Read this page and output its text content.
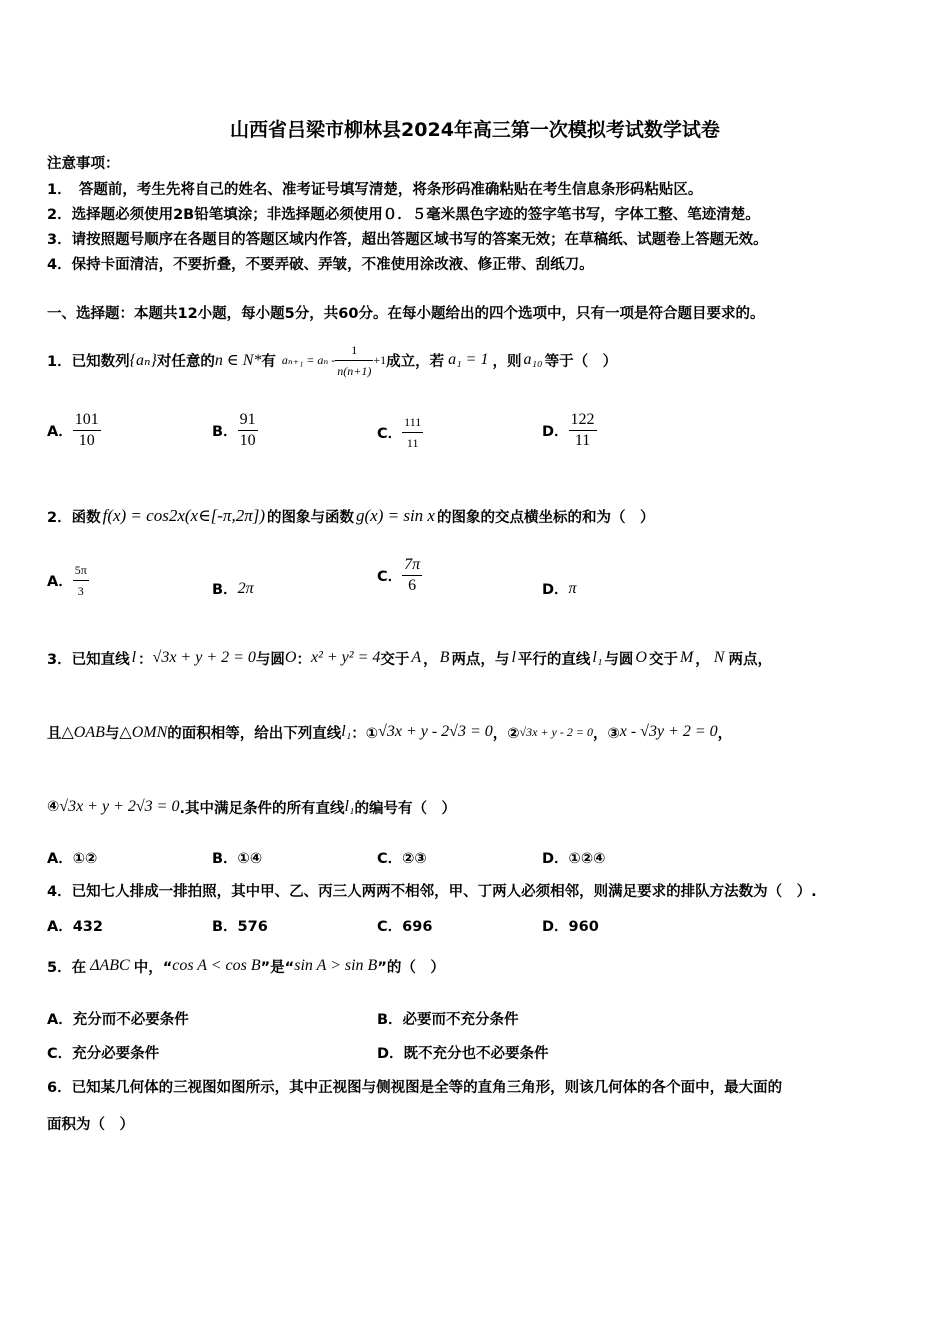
山西省吕梁市柳林县2024年高三第一次模拟考试数学试卷
注意事项：
1．　答题前，考生先将自己的姓名、准考证号填写清楚，将条形码准确粘贴在考生信息条形码粘贴区。
2．选择题必须使用2B铅笔填涂；非选择题必须使用０．５毫米黑色字迹的签字笔书写，字体工整、笔迹清楚。
3．请按照题号顺序在各题目的答题区域内作答，超出答题区域书写的答案无效；在草稿纸、试题卷上答题无效。
4．保持卡面清洁，不要折叠，不要弄破、弄皱，不准使用涂改液、修正带、刮纸刀。
一、选择题：本题共12小题，每小题5分，共60分。在每小题给出的四个选项中，只有一项是符合题目要求的。
1．已知数列 {aₙ} 对任意的 n ∈ N* 有 $a_{n+1} = a_n - \frac{1}{n(n+1)} +1$ 成立，若 a₁ = 1 ，则 a₁₀ 等于（　）
A． $\frac{101}{10}$	B． $\frac{91}{10}$	C． $\frac{111}{11}$	D． $\frac{122}{11}$
2．函数 f(x) = cos2x(x∈[-π,2π]) 的图象与函数 g(x) = sin x 的图象的交点横坐标的和为（　）
A． $\frac{5\pi}{3}$	B． 2π
C． $\frac{7\pi}{6}$	D． π
3．已知直线 l ： √3x + y + 2 = 0 与圆 O ： x² + y² = 4 交于 A ， B 两点，与 l 平行的直线 l₁ 与圆 O 交于 M ， N 两点，
且 △OAB 与 △OMN 的面积相等，给出下列直线 l₁ ：① √3x + y - 2√3 = 0 ，② √3x + y - 2 = 0 ，③ x - √3y + 2 = 0 ，
④ √3x + y + 2√3 = 0 .其中满足条件的所有直线 l₁ 的编号有（　）
A．①②	B．①④	C．②③	D．①②④
4．已知七人排成一排拍照，其中甲、乙、丙三人两两不相邻，甲、丁两人必须相邻，则满足要求的排队方法数为（　）.
A．432	B．576	C．696	D．960
5．在 ΔABC 中，“ cos A < cos B ”是“ sin A > sin B ”的（　）
A．充分而不必要条件	B．必要而不充分条件
C．充分必要条件	D．既不充分也不必要条件
6．已知某几何体的三视图如图所示，其中正视图与侧视图是全等的直角三角形，则该几何体的各个面中，最大面的
面积为（　）
